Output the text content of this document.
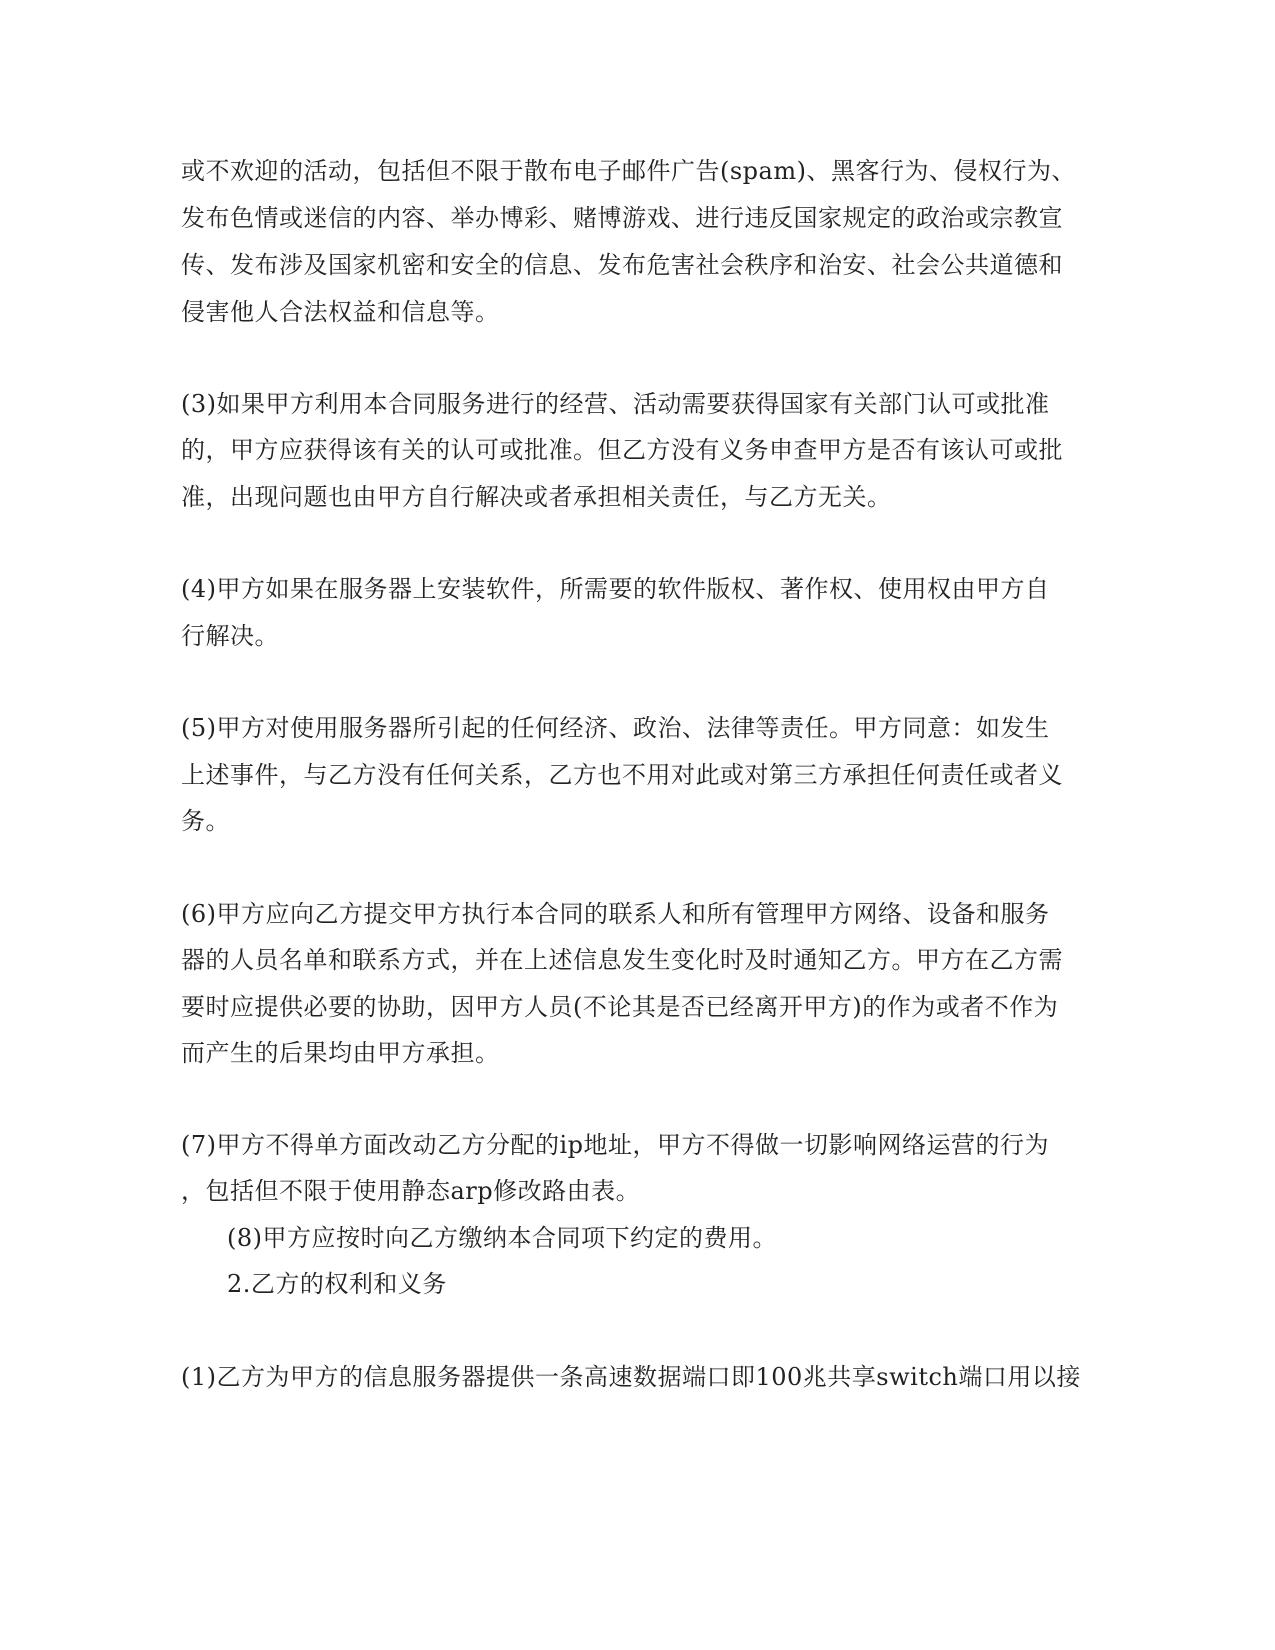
或不欢迎的活动，包括但不限于散布电子邮件广告(spam)、黑客行为、侵权行为、
发布色情或迷信的内容、举办博彩、赌博游戏、进行违反国家规定的政治或宗教宣
传、发布涉及国家机密和安全的信息、发布危害社会秩序和治安、社会公共道德和
侵害他人合法权益和信息等。
(3)如果甲方利用本合同服务进行的经营、活动需要获得国家有关部门认可或批准
的，甲方应获得该有关的认可或批准。但乙方没有义务申查甲方是否有该认可或批
准，出现问题也由甲方自行解决或者承担相关责任，与乙方无关。
(4)甲方如果在服务器上安装软件，所需要的软件版权、著作权、使用权由甲方自
行解决。
(5)甲方对使用服务器所引起的任何经济、政治、法律等责任。甲方同意：如发生
上述事件，与乙方没有任何关系，乙方也不用对此或对第三方承担任何责任或者义
务。
(6)甲方应向乙方提交甲方执行本合同的联系人和所有管理甲方网络、设备和服务
器的人员名单和联系方式，并在上述信息发生变化时及时通知乙方。甲方在乙方需
要时应提供必要的协助，因甲方人员(不论其是否已经离开甲方)的作为或者不作为
而产生的后果均由甲方承担。
(7)甲方不得单方面改动乙方分配的ip地址，甲方不得做一切影响网络运营的行为
，包括但不限于使用静态arp修改路由表。
(8)甲方应按时向乙方缴纳本合同项下约定的费用。
2.乙方的权利和义务
(1)乙方为甲方的信息服务器提供一条高速数据端口即100兆共享switch端口用以接
